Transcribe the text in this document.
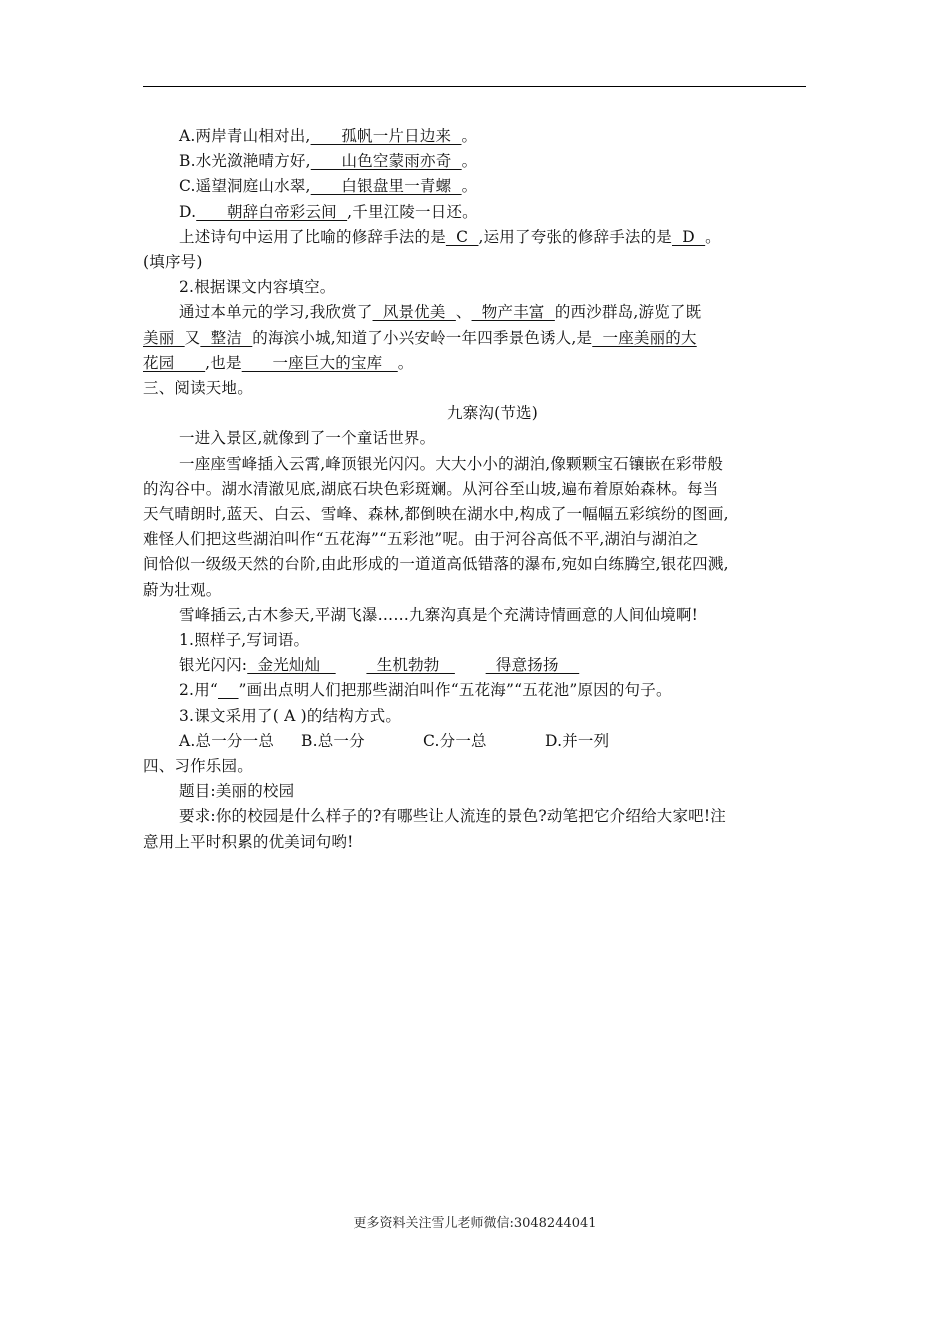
A.两岸青山相对出,      孤帆一片日边来  。
B.水光潋滟晴方好,      山色空蒙雨亦奇  。
C.遥望洞庭山水翠,      白银盘里一青螺  。
D.      朝辞白帝彩云间  ,千里江陵一日还。
上述诗句中运用了比喻的修辞手法的是  C  ,运用了夸张的修辞手法的是  D  。
(填序号)
2.根据课文内容填空。
通过本单元的学习,我欣赏了  风景优美  、  物产丰富  的西沙群岛,游览了既
美丽  又  整洁  的海滨小城,知道了小兴安岭一年四季景色诱人,是  一座美丽的大
花园      ,也是      一座巨大的宝库   。
三、阅读天地。
九寨沟(节选)
一进入景区,就像到了一个童话世界。
一座座雪峰插入云霄,峰顶银光闪闪。大大小小的湖泊,像颗颗宝石镶嵌在彩带般
的沟谷中。湖水清澈见底,湖底石块色彩斑斓。从河谷至山坡,遍布着原始森林。每当
天气晴朗时,蓝天、白云、雪峰、森林,都倒映在湖水中,构成了一幅幅五彩缤纷的图画,
难怪人们把这些湖泊叫作“五花海”“五彩池”呢。由于河谷高低不平,湖泊与湖泊之
间恰似一级级天然的台阶,由此形成的一道道高低错落的瀑布,宛如白练腾空,银花四溅,
蔚为壮观。
雪峰插云,古木参天,平湖飞瀑……九寨沟真是个充满诗情画意的人间仙境啊!
1.照样子,写词语。
银光闪闪:  金光灿灿           生机勃勃           得意扬扬
2.用“ ”画出点明人们把那些湖泊叫作“五花海”“五花池”原因的句子。
3.课文采用了( A )的结构方式。
A.总一分一总 B.总一分	C.分一总	D.并一列
四、习作乐园。
题目:美丽的校园
要求:你的校园是什么样子的?有哪些让人流连的景色?动笔把它介绍给大家吧!注
意用上平时积累的优美词句哟!
更多资料关注雪儿老师微信:3048244041
